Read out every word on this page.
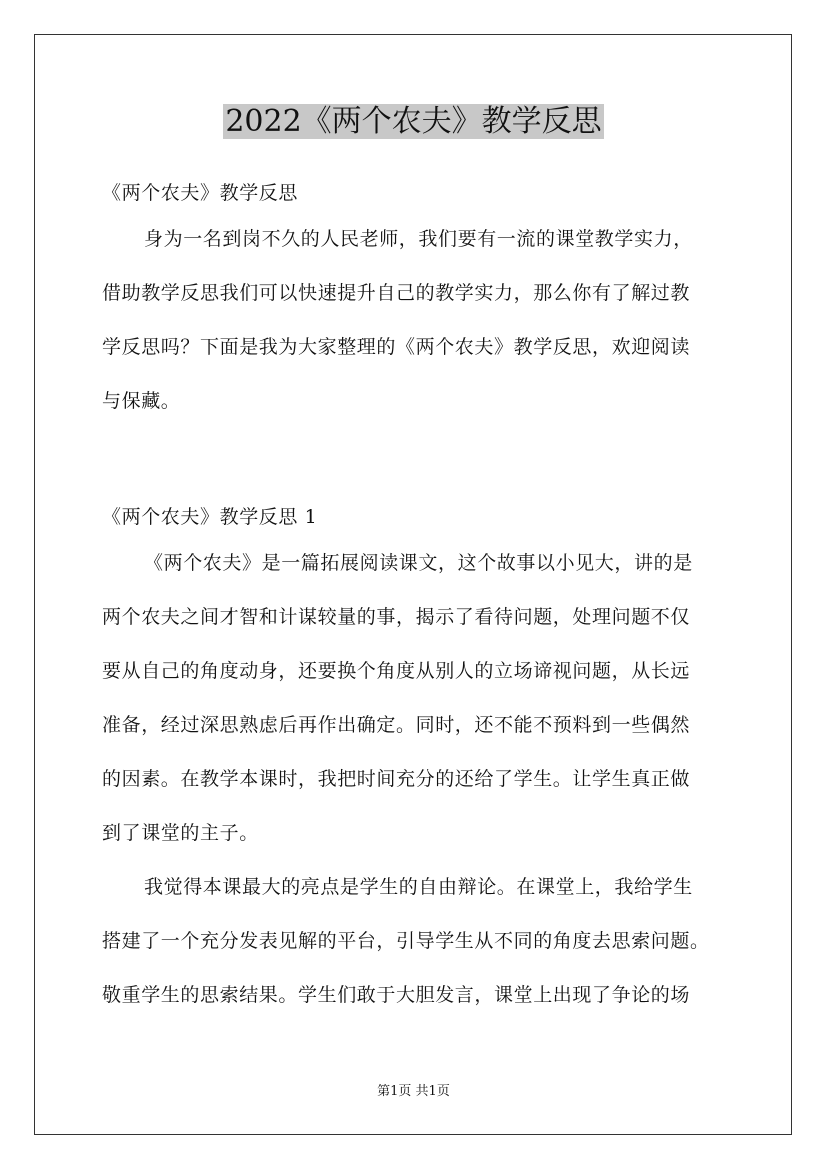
2022《两个农夫》教学反思
《两个农夫》教学反思
身为一名到岗不久的人民老师，我们要有一流的课堂教学实力，
借助教学反思我们可以快速提升自己的教学实力，那么你有了解过教
学反思吗？下面是我为大家整理的《两个农夫》教学反思，欢迎阅读
与保藏。
《两个农夫》教学反思 1
《两个农夫》是一篇拓展阅读课文，这个故事以小见大，讲的是
两个农夫之间才智和计谋较量的事，揭示了看待问题，处理问题不仅
要从自己的角度动身，还要换个角度从别人的立场谛视问题，从长远
准备，经过深思熟虑后再作出确定。同时，还不能不预料到一些偶然
的因素。在教学本课时，我把时间充分的还给了学生。让学生真正做
到了课堂的主子。
我觉得本课最大的亮点是学生的自由辩论。在课堂上，我给学生
搭建了一个充分发表见解的平台，引导学生从不同的角度去思索问题。
敬重学生的思索结果。学生们敢于大胆发言，课堂上出现了争论的场
第1页 共1页
